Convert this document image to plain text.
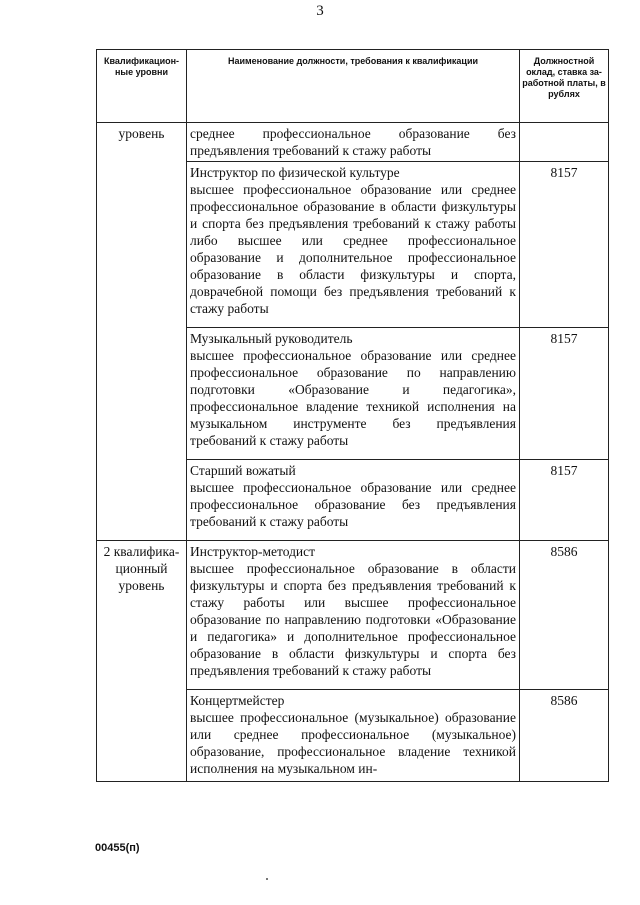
3
Квалификацион-ные уровни	Наименование должности, требования к квалификации	Должностной оклад, ставка за-работной платы, в рублях
уровень	среднее профессиональное образование без предъявления требований к стажу работы	

	Инструктор по физической культуре
высшее профессиональное образование или среднее профессиональное образование в области физкультуры и спорта без предъявления требований к стажу работы либо высшее или среднее профессиональное образование и дополнительное профессиональное образование в области физкультуры и спорта, доврачебной помощи без предъявления требований к стажу работы	8157

	Музыкальный руководитель
высшее профессиональное образование или среднее профессиональное образование по направлению подготовки «Образование и педагогика», профессиональное владение техникой исполнения на музыкальном инструменте без предъявления требований к стажу работы	8157

	Старший вожатый
высшее профессиональное образование или среднее профессиональное образование без предъявления требований к стажу работы	8157
2 квалифика-ционный уровень	Инструктор-методист
высшее профессиональное образование в области физкультуры и спорта без предъявления требований к стажу работы или высшее профессиональное образование по направлению подготовки «Образование и педагогика» и дополнительное профессиональное образование в области физкультуры и спорта без предъявления требований к стажу работы	8586

	Концертмейстер
высшее профессиональное (музыкальное) образование или среднее профессиональное (музыкальное) образование, профессиональное владение техникой исполнения на музыкальном ин-	8586
00455(п)
